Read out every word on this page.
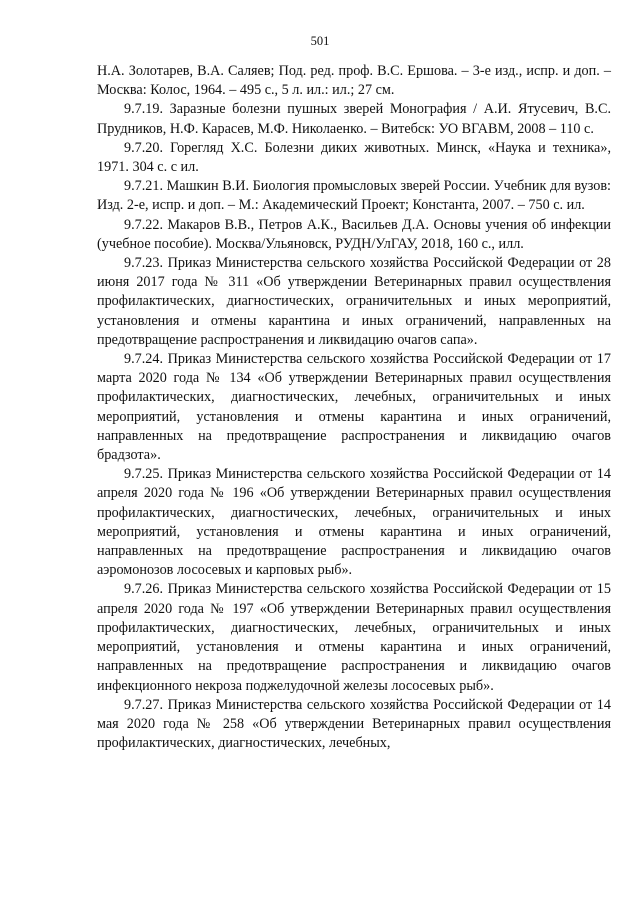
501

Н.А. Золотарев, В.А. Саляев; Под. ред. проф. В.С. Ершова. – 3-е изд., испр. и доп. – Москва: Колос, 1964. – 495 с., 5 л. ил.: ил.; 27 см.

9.7.19. Заразные болезни пушных зверей Монография / А.И. Ятусевич, В.С. Прудников, Н.Ф. Карасев, М.Ф. Николаенко. – Витебск: УО ВГАВМ, 2008 – 110 с.

9.7.20. Горегляд Х.С. Болезни диких животных. Минск, «Наука и техника», 1971. 304 с. с ил.

9.7.21. Машкин В.И. Биология промысловых зверей России. Учебник для вузов: Изд. 2-е, испр. и доп. – М.: Академический Проект; Константа, 2007. – 750 с. ил.

9.7.22. Макаров В.В., Петров А.К., Васильев Д.А. Основы учения об инфекции (учебное пособие). Москва/Ульяновск, РУДН/УлГАУ, 2018, 160 с., илл.

9.7.23. Приказ Министерства сельского хозяйства Российской Федерации от 28 июня 2017 года № 311 «Об утверждении Ветеринарных правил осуществления профилактических, диагностических, ограничительных и иных мероприятий, установления и отмены карантина и иных ограничений, направленных на предотвращение распространения и ликвидацию очагов сапа».

9.7.24. Приказ Министерства сельского хозяйства Российской Федерации от 17 марта 2020 года № 134 «Об утверждении Ветеринарных правил осуществления профилактических, диагностических, лечебных, ограничительных и иных мероприятий, установления и отмены карантина и иных ограничений, направленных на предотвращение распространения и ликвидацию очагов брадзота».

9.7.25. Приказ Министерства сельского хозяйства Российской Федерации от 14 апреля 2020 года № 196 «Об утверждении Ветеринарных правил осуществления профилактических, диагностических, лечебных, ограничительных и иных мероприятий, установления и отмены карантина и иных ограничений, направленных на предотвращение распространения и ликвидацию очагов аэромонозов лососевых и карповых рыб».

9.7.26. Приказ Министерства сельского хозяйства Российской Федерации от 15 апреля 2020 года № 197 «Об утверждении Ветеринарных правил осуществления профилактических, диагностических, лечебных, ограничительных и иных мероприятий, установления и отмены карантина и иных ограничений, направленных на предотвращение распространения и ликвидацию очагов инфекционного некроза поджелудочной железы лососевых рыб».

9.7.27. Приказ Министерства сельского хозяйства Российской Федерации от 14 мая 2020 года № 258 «Об утверждении Ветеринарных правил осуществления профилактических, диагностических, лечебных,
